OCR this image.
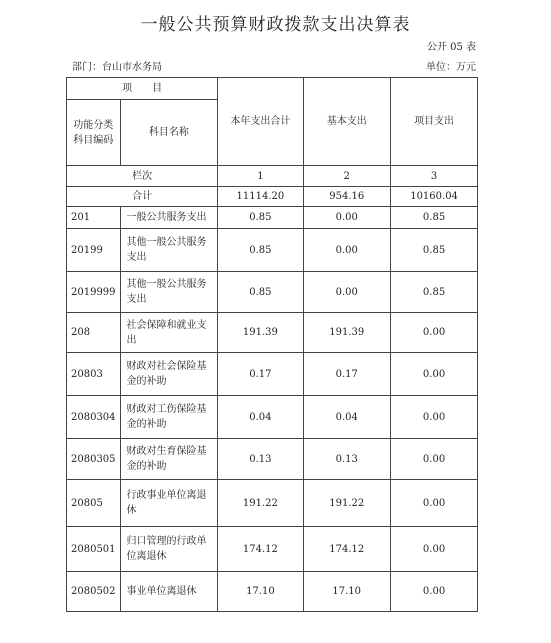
一般公共预算财政拨款支出决算表
公开 05 表
部门：台山市水务局	单位：万元
项　　目		本年支出合计	基本支出	项目支出
功能分类科目编码	科目名称			
栏次		1	2	3
合计		11114.20	954.16	10160.04
201	一般公共服务支出	0.85	0.00	0.85
20199	其他一般公共服务支出	0.85	0.00	0.85
2019999	其他一般公共服务支出	0.85	0.00	0.85
208	社会保障和就业支出	191.39	191.39	0.00
20803	财政对社会保险基金的补助	0.17	0.17	0.00
2080304	财政对工伤保险基金的补助	0.04	0.04	0.00
2080305	财政对生育保险基金的补助	0.13	0.13	0.00
20805	行政事业单位离退休	191.22	191.22	0.00
2080501	归口管理的行政单位离退休	174.12	174.12	0.00
2080502	事业单位离退休	17.10	17.10	0.00
